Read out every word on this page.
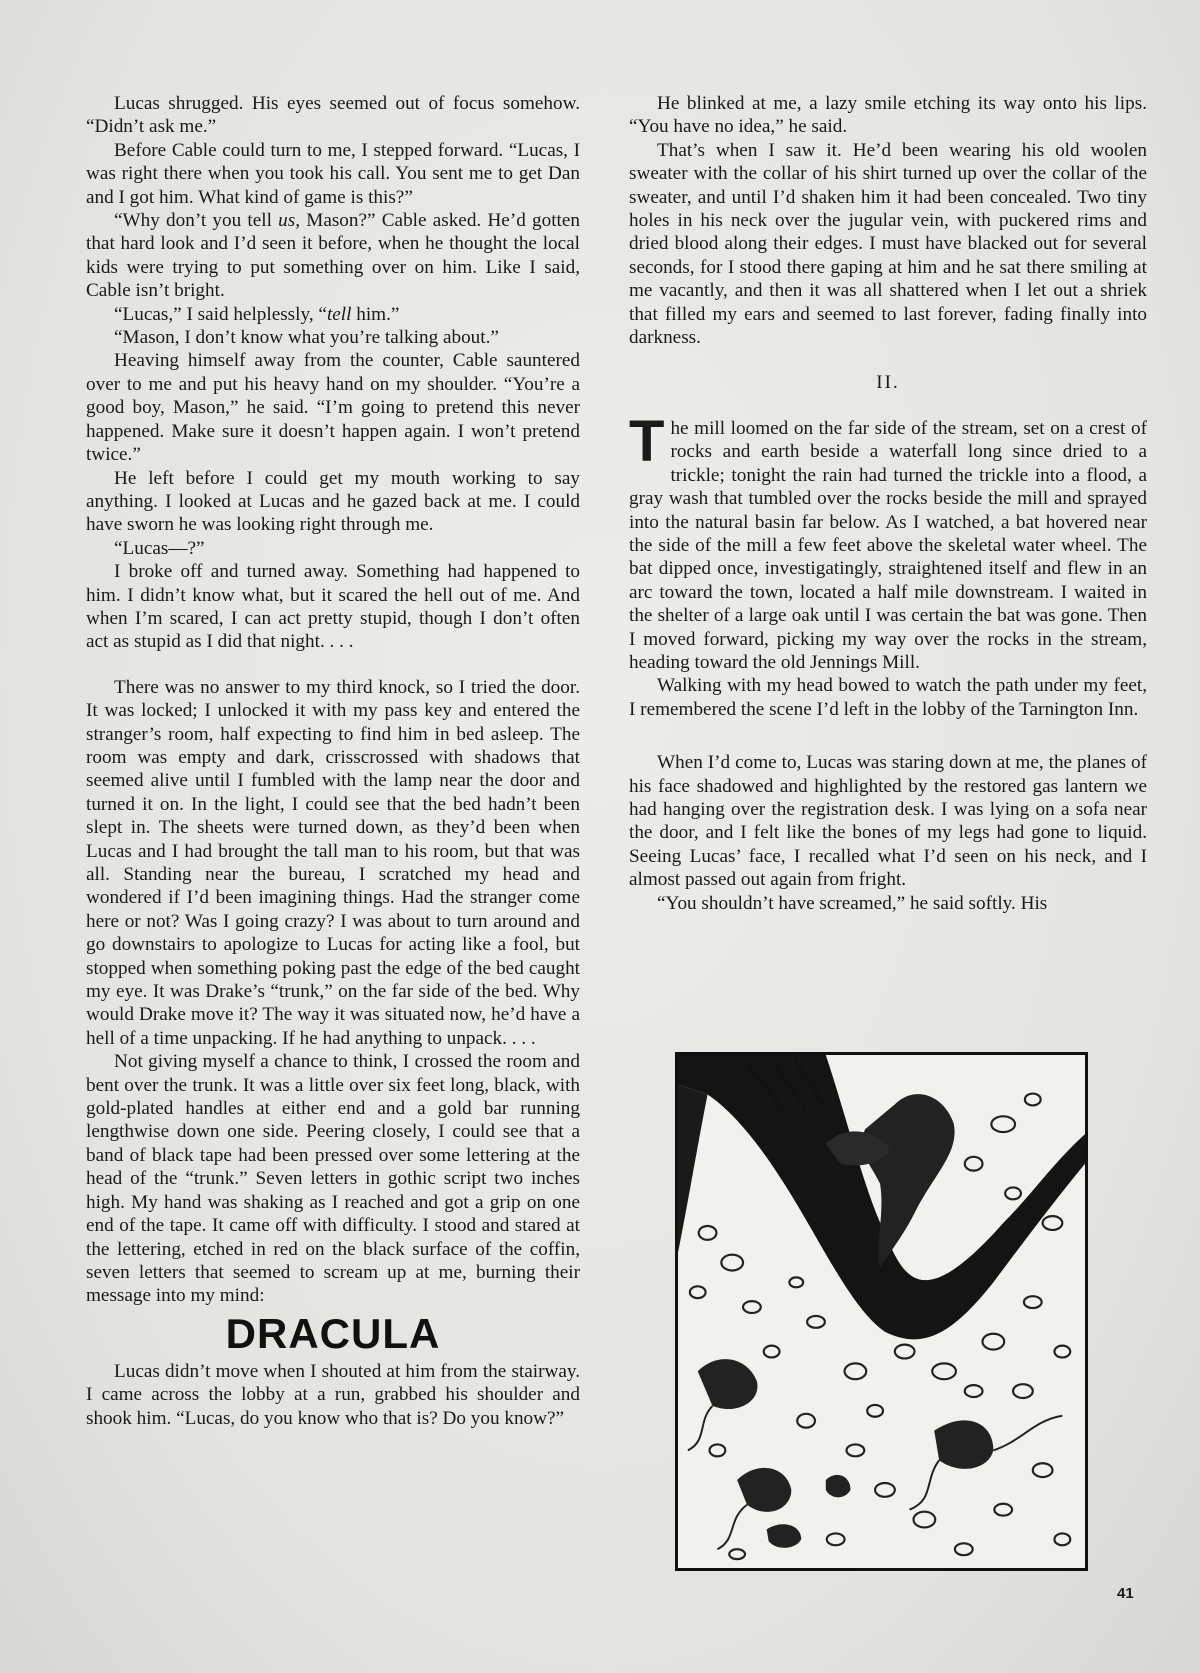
Lucas shrugged. His eyes seemed out of focus somehow. “Didn’t ask me.”

Before Cable could turn to me, I stepped forward. “Lucas, I was right there when you took his call. You sent me to get Dan and I got him. What kind of game is this?”

“Why don’t you tell us, Mason?” Cable asked. He’d gotten that hard look and I’d seen it before, when he thought the local kids were trying to put something over on him. Like I said, Cable isn’t bright.

“Lucas,” I said helplessly, “tell him.”

“Mason, I don’t know what you’re talking about.”

Heaving himself away from the counter, Cable sauntered over to me and put his heavy hand on my shoulder. “You’re a good boy, Mason,” he said. “I’m going to pretend this never happened. Make sure it doesn’t happen again. I won’t pretend twice.”

He left before I could get my mouth working to say anything. I looked at Lucas and he gazed back at me. I could have sworn he was looking right through me.

“Lucas—?”

I broke off and turned away. Something had happened to him. I didn’t know what, but it scared the hell out of me. And when I’m scared, I can act pretty stupid, though I don’t often act as stupid as I did that night. . . .

There was no answer to my third knock, so I tried the door. It was locked; I unlocked it with my pass key and entered the stranger’s room, half expecting to find him in bed asleep. The room was empty and dark, crisscrossed with shadows that seemed alive until I fumbled with the lamp near the door and turned it on. In the light, I could see that the bed hadn’t been slept in. The sheets were turned down, as they’d been when Lucas and I had brought the tall man to his room, but that was all. Standing near the bureau, I scratched my head and wondered if I’d been imagining things. Had the stranger come here or not? Was I going crazy? I was about to turn around and go downstairs to apologize to Lucas for acting like a fool, but stopped when something poking past the edge of the bed caught my eye. It was Drake’s “trunk,” on the far side of the bed. Why would Drake move it? The way it was situated now, he’d have a hell of a time unpacking. If he had anything to unpack. . . .

Not giving myself a chance to think, I crossed the room and bent over the trunk. It was a little over six feet long, black, with gold-plated handles at either end and a gold bar running lengthwise down one side. Peering closely, I could see that a band of black tape had been pressed over some lettering at the head of the “trunk.” Seven letters in gothic script two inches high. My hand was shaking as I reached and got a grip on one end of the tape. It came off with difficulty. I stood and stared at the lettering, etched in red on the black surface of the coffin, seven letters that seemed to scream up at me, burning their message into my mind:

DRACULA

Lucas didn’t move when I shouted at him from the stairway. I came across the lobby at a run, grabbed his shoulder and shook him. “Lucas, do you know who that is? Do you know?”

He blinked at me, a lazy smile etching its way onto his lips. “You have no idea,” he said.

That’s when I saw it. He’d been wearing his old woolen sweater with the collar of his shirt turned up over the collar of the sweater, and until I’d shaken him it had been concealed. Two tiny holes in his neck over the jugular vein, with puckered rims and dried blood along their edges. I must have blacked out for several seconds, for I stood there gaping at him and he sat there smiling at me vacantly, and then it was all shattered when I let out a shriek that filled my ears and seemed to last forever, fading finally into darkness.

II.

The mill loomed on the far side of the stream, set on a crest of rocks and earth beside a waterfall long since dried to a trickle; tonight the rain had turned the trickle into a flood, a gray wash that tumbled over the rocks beside the mill and sprayed into the natural basin far below. As I watched, a bat hovered near the side of the mill a few feet above the skeletal water wheel. The bat dipped once, investigatingly, straightened itself and flew in an arc toward the town, located a half mile downstream. I waited in the shelter of a large oak until I was certain the bat was gone. Then I moved forward, picking my way over the rocks in the stream, heading toward the old Jennings Mill.

Walking with my head bowed to watch the path under my feet, I remembered the scene I’d left in the lobby of the Tarnington Inn.

When I’d come to, Lucas was staring down at me, the planes of his face shadowed and highlighted by the restored gas lantern we had hanging over the registration desk. I was lying on a sofa near the door, and I felt like the bones of my legs had gone to liquid. Seeing Lucas’ face, I recalled what I’d seen on his neck, and I almost passed out again from fright.

“You shouldn’t have screamed,” he said softly. His

41
